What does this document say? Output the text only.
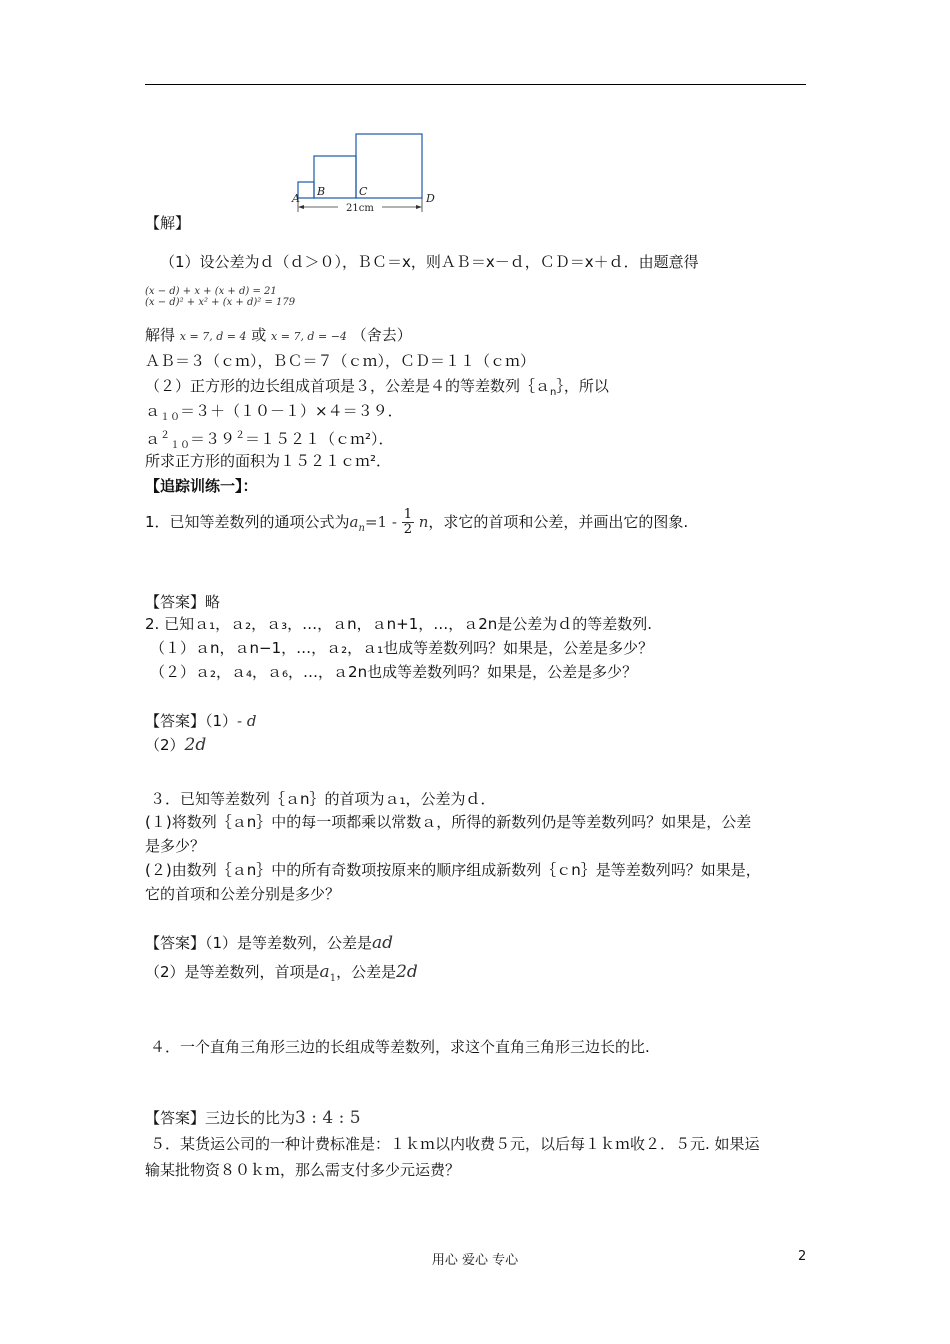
A
B	C
D
21cm
【解】
（1）设公差为ｄ（ｄ＞０），ＢＣ＝x，则ＡＢ＝x－ｄ，ＣＤ＝x＋ｄ．由题意得
(x − d) + x + (x + d) = 21
(x − d)² + x² + (x + d)² = 179
解得 x = 7, d = 4 或 x = 7, d = −4 （舍去）
ＡＢ＝３（ｃｍ），ＢＣ＝７（ｃｍ），ＣＤ＝１１（ｃｍ）
（２）正方形的边长组成首项是３，公差是４的等差数列｛ａ$_n$｝，所以
ａ$_{10}$＝３＋（１０－１）×４＝３９．
$a^2_{10}=39^2=1521(cm^2)$．
所求正方形的面积为１５２１ｃｍ²．
【追踪训练一】：
1．已知等差数列的通项公式为$a_n=1 - \frac{1}{2}$ n，求它的首项和公差，并画出它的图象.
【答案】略
2. 已知ａ₁，ａ₂，ａ₃，…，ａn，ａn+1，…，ａ2n是公差为ｄ的等差数列.
（１）ａn，ａn−1，…，ａ₂，ａ₁也成等差数列吗？如果是，公差是多少？
（２）ａ₂，ａ₄，ａ₆，…，ａ2n也成等差数列吗？如果是，公差是多少？
【答案】（1）- d
（2）2d
３．已知等差数列｛ａn｝的首项为ａ₁，公差为ｄ．
(１)将数列｛ａn｝中的每一项都乘以常数ａ，所得的新数列仍是等差数列吗？如果是，公差
是多少？
(２)由数列｛ａn｝中的所有奇数项按原来的顺序组成新数列｛ｃn｝是等差数列吗？如果是，
它的首项和公差分别是多少？
【答案】（1）是等差数列，公差是ad
（2）是等差数列，首项是$a_1$，公差是2d
４．一个直角三角形三边的长组成等差数列，求这个直角三角形三边长的比.
【答案】三边长的比为3 : 4 : 5
５．某货运公司的一种计费标准是：１ｋｍ以内收费５元，以后每１ｋｍ收２．５元. 如果运
输某批物资８０ｋｍ，那么需支付多少元运费？
用心 爱心 专心	2
